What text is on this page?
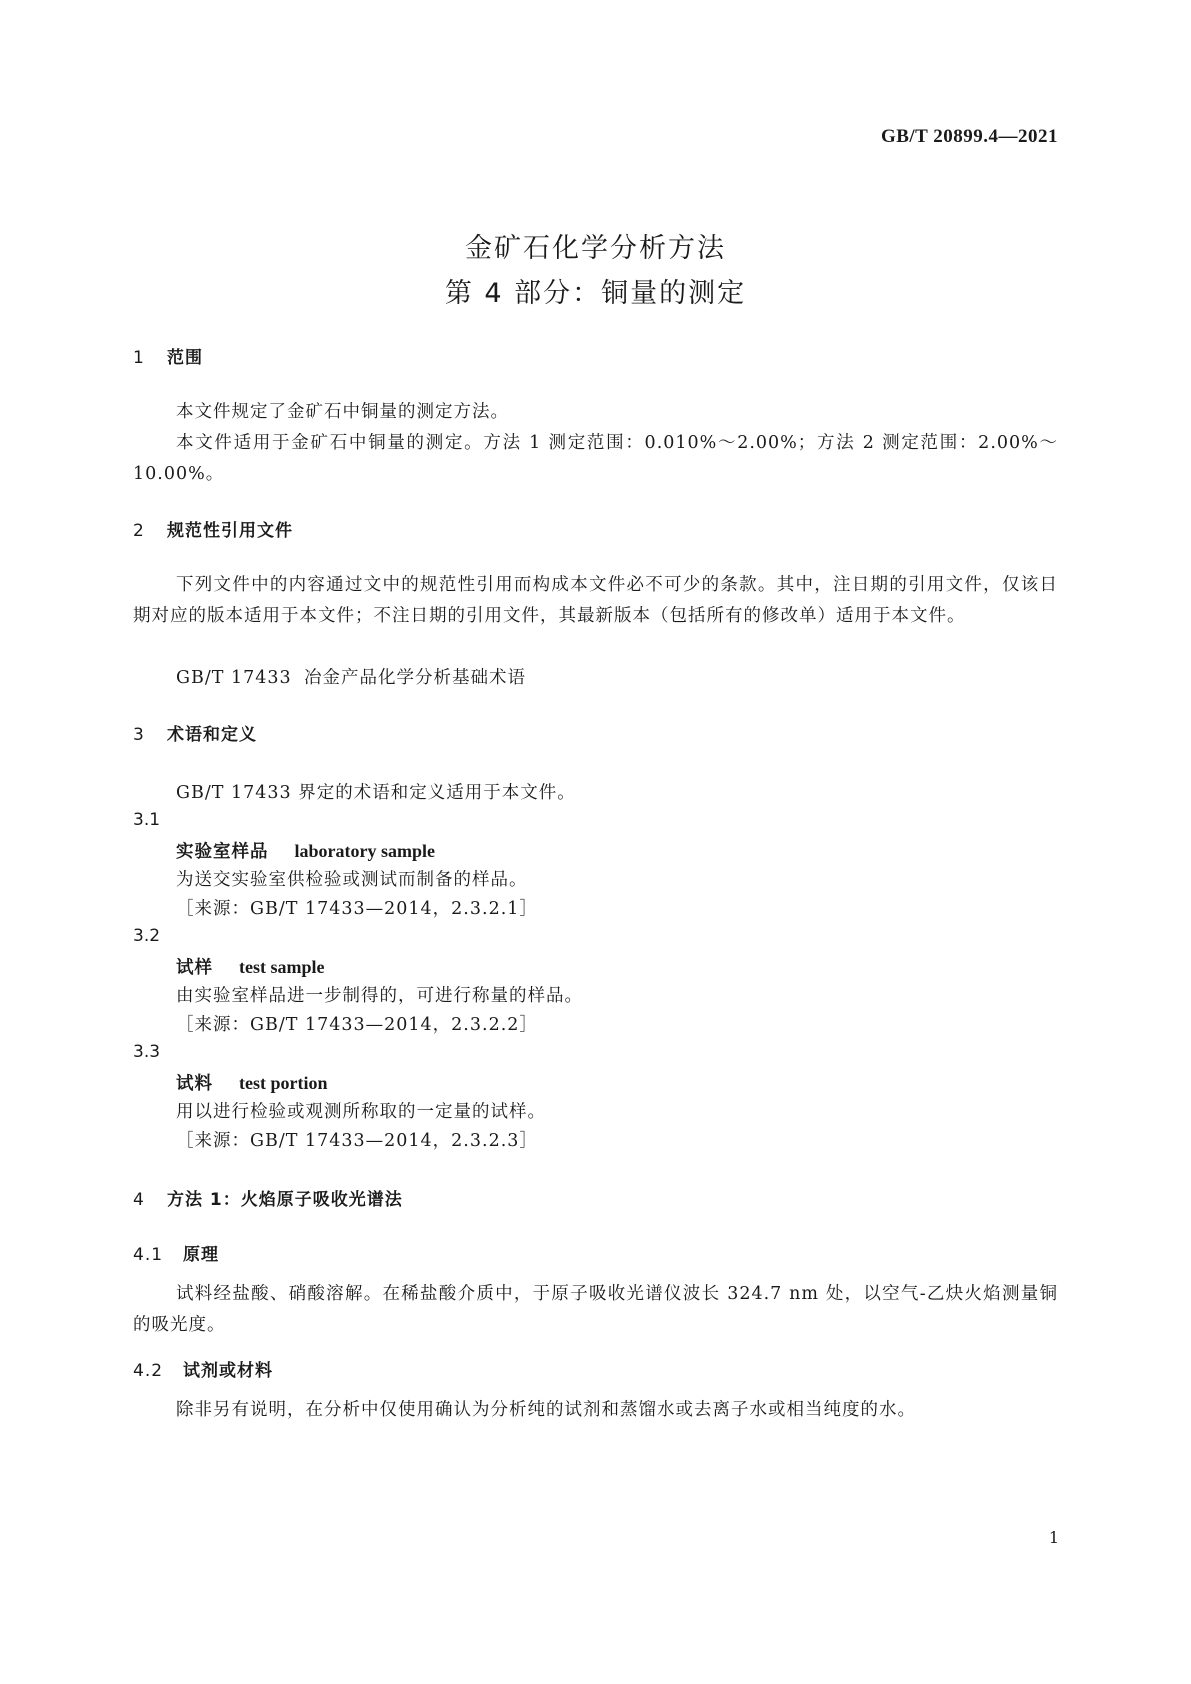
GB/T 20899.4—2021
金矿石化学分析方法
第 4 部分：铜量的测定
1 范围
本文件规定了金矿石中铜量的测定方法。
本文件适用于金矿石中铜量的测定。方法 1 测定范围：0.010%～2.00%；方法 2 测定范围：2.00%～10.00%。
2 规范性引用文件
下列文件中的内容通过文中的规范性引用而构成本文件必不可少的条款。其中，注日期的引用文件，仅该日期对应的版本适用于本文件；不注日期的引用文件，其最新版本（包括所有的修改单）适用于本文件。
GB/T 17433 冶金产品化学分析基础术语
3 术语和定义
GB/T 17433 界定的术语和定义适用于本文件。
3.1
实验室样品 laboratory sample
为送交实验室供检验或测试而制备的样品。
［来源：GB/T 17433—2014，2.3.2.1］
3.2
试样 test sample
由实验室样品进一步制得的，可进行称量的样品。
［来源：GB/T 17433—2014，2.3.2.2］
3.3
试料 test portion
用以进行检验或观测所称取的一定量的试样。
［来源：GB/T 17433—2014，2.3.2.3］
4 方法 1：火焰原子吸收光谱法
4.1 原理
试料经盐酸、硝酸溶解。在稀盐酸介质中，于原子吸收光谱仪波长 324.7 nm 处，以空气-乙炔火焰测量铜的吸光度。
4.2 试剂或材料
除非另有说明，在分析中仅使用确认为分析纯的试剂和蒸馏水或去离子水或相当纯度的水。
1
